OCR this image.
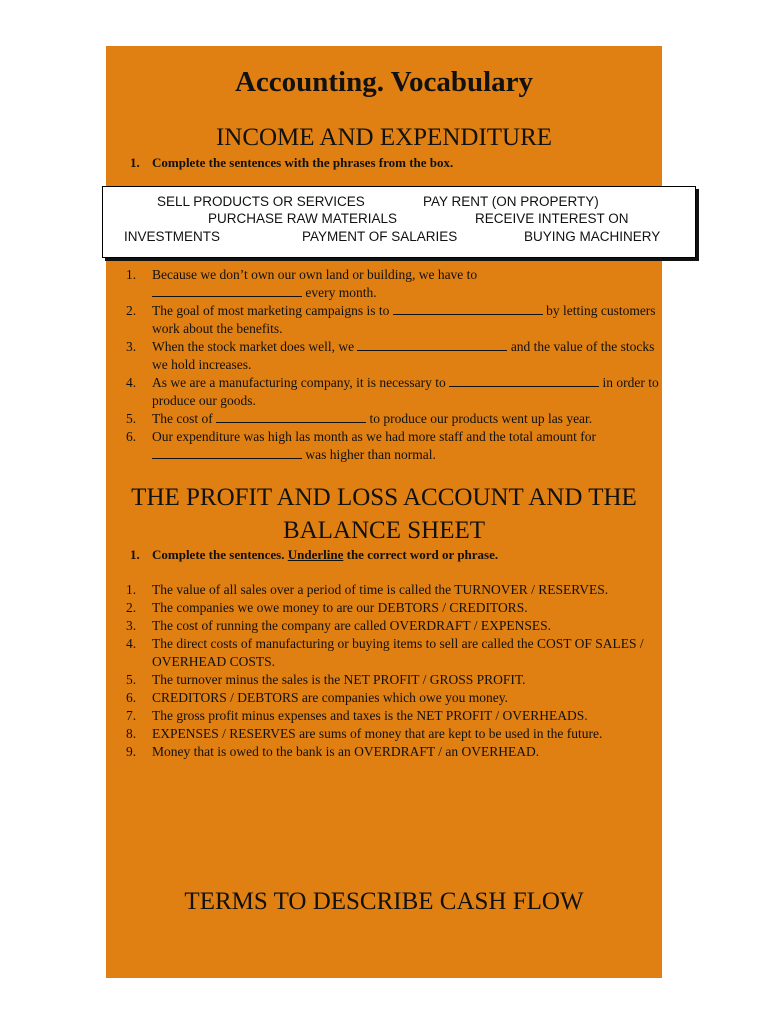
Accounting. Vocabulary
INCOME AND EXPENDITURE
1. Complete the sentences with the phrases from the box.
SELL PRODUCTS OR SERVICES	PAY RENT (ON PROPERTY)
PURCHASE RAW MATERIALS	RECEIVE INTEREST ON
INVESTMENTS	PAYMENT OF SALARIES	BUYING MACHINERY
1. Because we don’t own our own land or building, we have to
every month.
2. The goal of most marketing campaigns is to	by letting customers work about the benefits.
3. When the stock market does well, we	and the value of the stocks we hold increases.
4. As we are a manufacturing company, it is necessary to	in order to produce our goods.
5. The cost of	to produce our products went up las year.
6. Our expenditure was high las month as we had more staff and the total amount for  was higher than normal.
THE PROFIT AND LOSS ACCOUNT AND THE BALANCE SHEET
1. Complete the sentences. Underline the correct word or phrase.
1. The value of all sales over a period of time is called the TURNOVER / RESERVES.
2. The companies we owe money to are our DEBTORS / CREDITORS.
3. The cost of running the company are called OVERDRAFT / EXPENSES.
4. The direct costs of manufacturing or buying items to sell are called the COST OF SALES / OVERHEAD COSTS.
5. The turnover minus the sales is the NET PROFIT / GROSS PROFIT.
6. CREDITORS / DEBTORS are companies which owe you money.
7. The gross profit minus expenses and taxes is the NET PROFIT / OVERHEADS.
8. EXPENSES / RESERVES are sums of money that are kept to be used in the future.
9. Money that is owed to the bank is an OVERDRAFT / an OVERHEAD.
TERMS TO DESCRIBE CASH FLOW
